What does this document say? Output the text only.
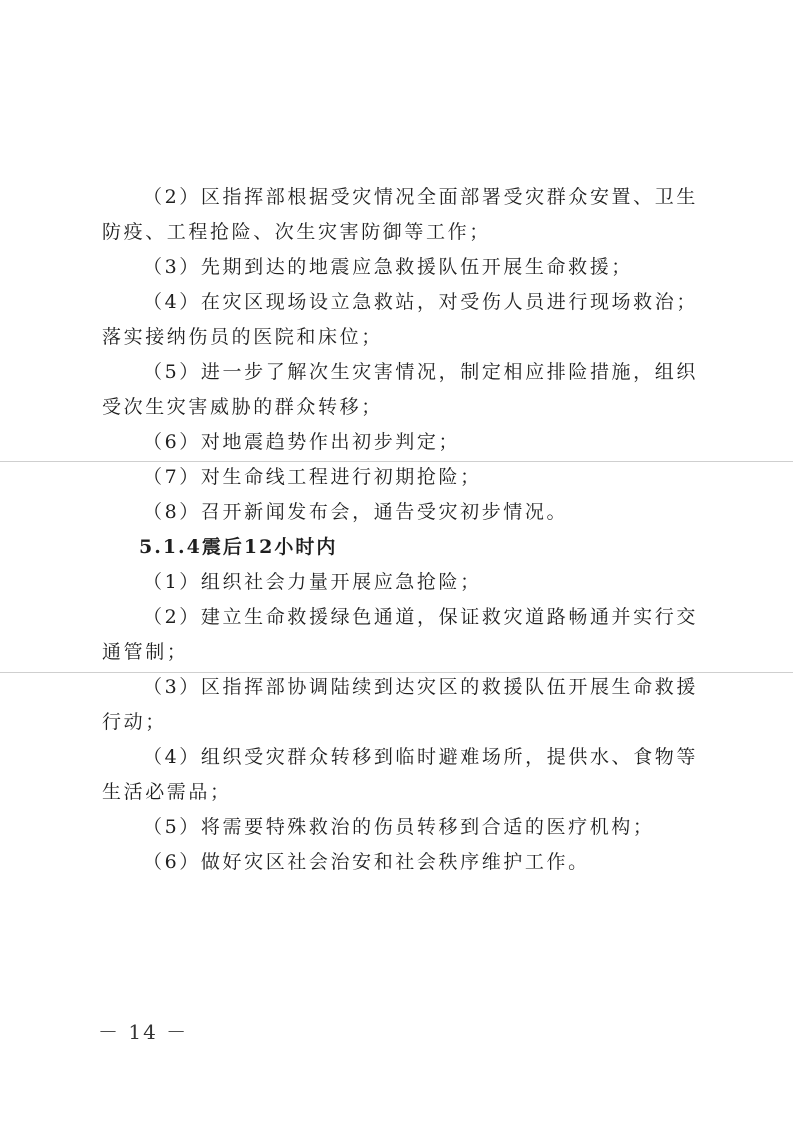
（2）区指挥部根据受灾情况全面部署受灾群众安置、卫生防疫、工程抢险、次生灾害防御等工作；

（3）先期到达的地震应急救援队伍开展生命救援；

（4）在灾区现场设立急救站，对受伤人员进行现场救治；落实接纳伤员的医院和床位；

（5）进一步了解次生灾害情况，制定相应排险措施，组织受次生灾害威胁的群众转移；

（6）对地震趋势作出初步判定；

（7）对生命线工程进行初期抢险；

（8）召开新闻发布会，通告受灾初步情况。

5.1.4震后12小时内

（1）组织社会力量开展应急抢险；

（2）建立生命救援绿色通道，保证救灾道路畅通并实行交通管制；

（3）区指挥部协调陆续到达灾区的救援队伍开展生命救援行动；

（4）组织受灾群众转移到临时避难场所，提供水、食物等生活必需品；

（5）将需要特殊救治的伤员转移到合适的医疗机构；

（6）做好灾区社会治安和社会秩序维护工作。

－ 14 －
